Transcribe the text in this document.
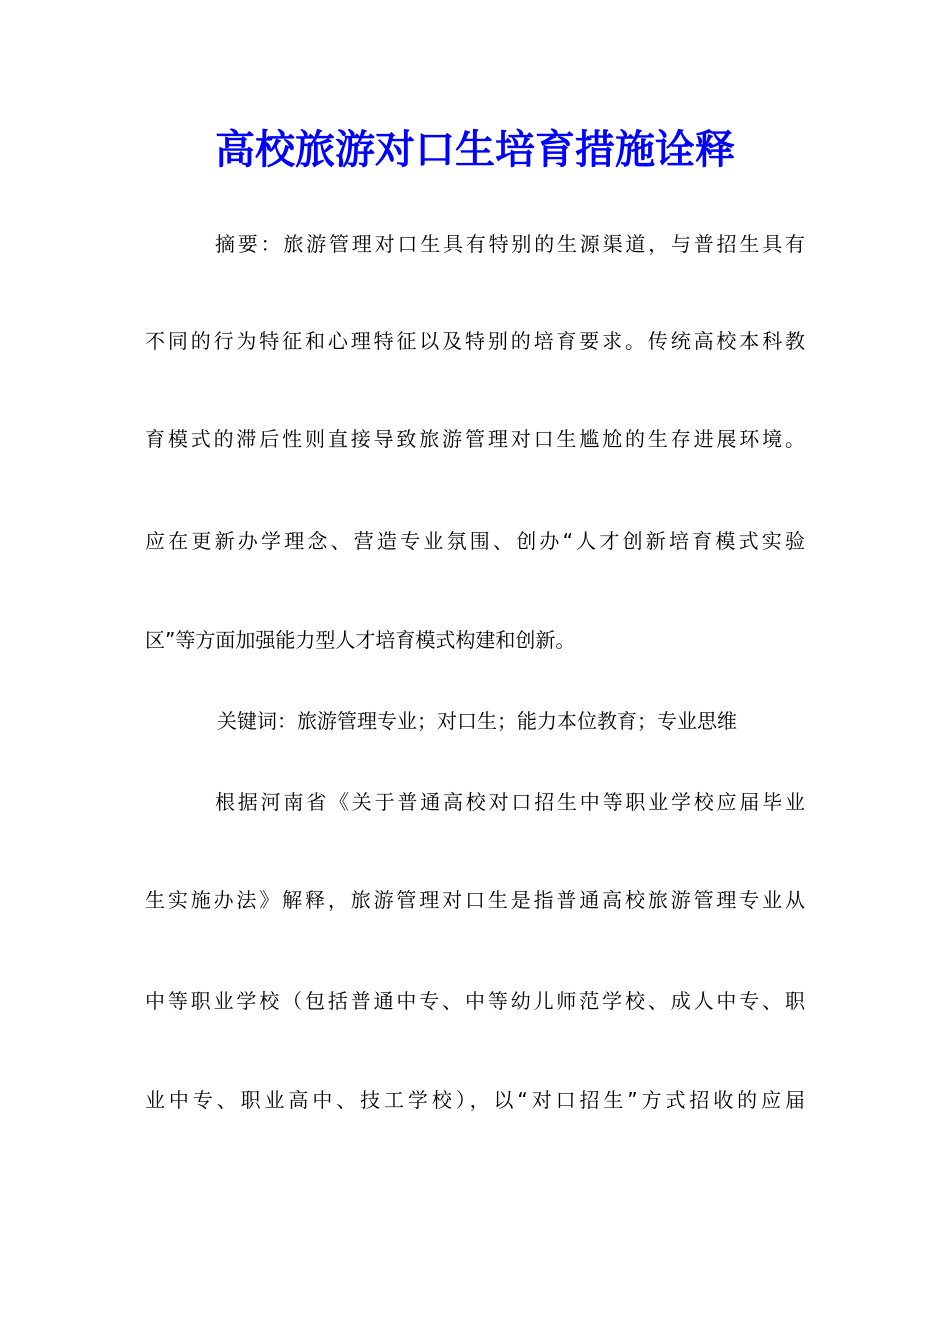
高校旅游对口生培育措施诠释
摘要：旅游管理对口生具有特别的生源渠道，与普招生具有
不同的行为特征和心理特征以及特别的培育要求。传统高校本科教
育模式的滞后性则直接导致旅游管理对口生尴尬的生存进展环境。
应在更新办学理念、营造专业氛围、创办“人才创新培育模式实验
区”等方面加强能力型人才培育模式构建和创新。
关键词：旅游管理专业；对口生；能力本位教育；专业思维
根据河南省《关于普通高校对口招生中等职业学校应届毕业
生实施办法》解释，旅游管理对口生是指普通高校旅游管理专业从
中等职业学校（包括普通中专、中等幼儿师范学校、成人中专、职
业中专、职业高中、技工学校），以“对口招生”方式招收的应届
